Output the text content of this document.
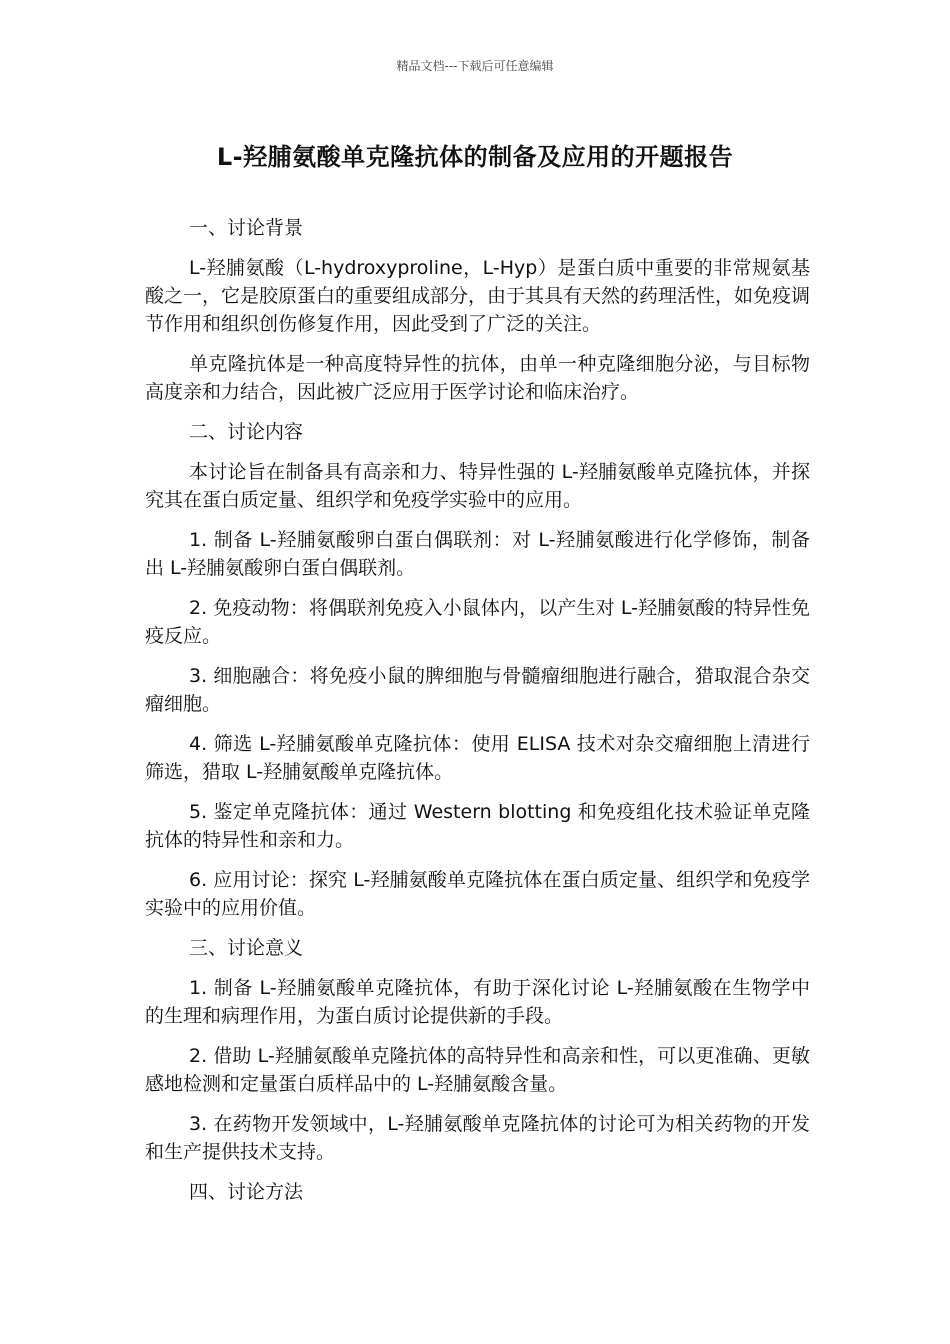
精品文档---下载后可任意编辑
L-羟脯氨酸单克隆抗体的制备及应用的开题报告

一、讨论背景

L-羟脯氨酸（L-hydroxyproline，L-Hyp）是蛋白质中重要的非常规氨基酸之一，它是胶原蛋白的重要组成部分，由于其具有天然的药理活性，如免疫调节作用和组织创伤修复作用，因此受到了广泛的关注。

单克隆抗体是一种高度特异性的抗体，由单一种克隆细胞分泌，与目标物高度亲和力结合，因此被广泛应用于医学讨论和临床治疗。

二、讨论内容

本讨论旨在制备具有高亲和力、特异性强的 L-羟脯氨酸单克隆抗体，并探究其在蛋白质定量、组织学和免疫学实验中的应用。

1. 制备 L-羟脯氨酸卵白蛋白偶联剂：对 L-羟脯氨酸进行化学修饰，制备出 L-羟脯氨酸卵白蛋白偶联剂。

2. 免疫动物：将偶联剂免疫入小鼠体内，以产生对 L-羟脯氨酸的特异性免疫反应。

3. 细胞融合：将免疫小鼠的脾细胞与骨髓瘤细胞进行融合，猎取混合杂交瘤细胞。

4. 筛选 L-羟脯氨酸单克隆抗体：使用 ELISA 技术对杂交瘤细胞上清进行筛选，猎取 L-羟脯氨酸单克隆抗体。

5. 鉴定单克隆抗体：通过 Western blotting 和免疫组化技术验证单克隆抗体的特异性和亲和力。

6. 应用讨论：探究 L-羟脯氨酸单克隆抗体在蛋白质定量、组织学和免疫学实验中的应用价值。

三、讨论意义

1. 制备 L-羟脯氨酸单克隆抗体，有助于深化讨论 L-羟脯氨酸在生物学中的生理和病理作用，为蛋白质讨论提供新的手段。

2. 借助 L-羟脯氨酸单克隆抗体的高特异性和高亲和性，可以更准确、更敏感地检测和定量蛋白质样品中的 L-羟脯氨酸含量。

3. 在药物开发领域中，L-羟脯氨酸单克隆抗体的讨论可为相关药物的开发和生产提供技术支持。

四、讨论方法
